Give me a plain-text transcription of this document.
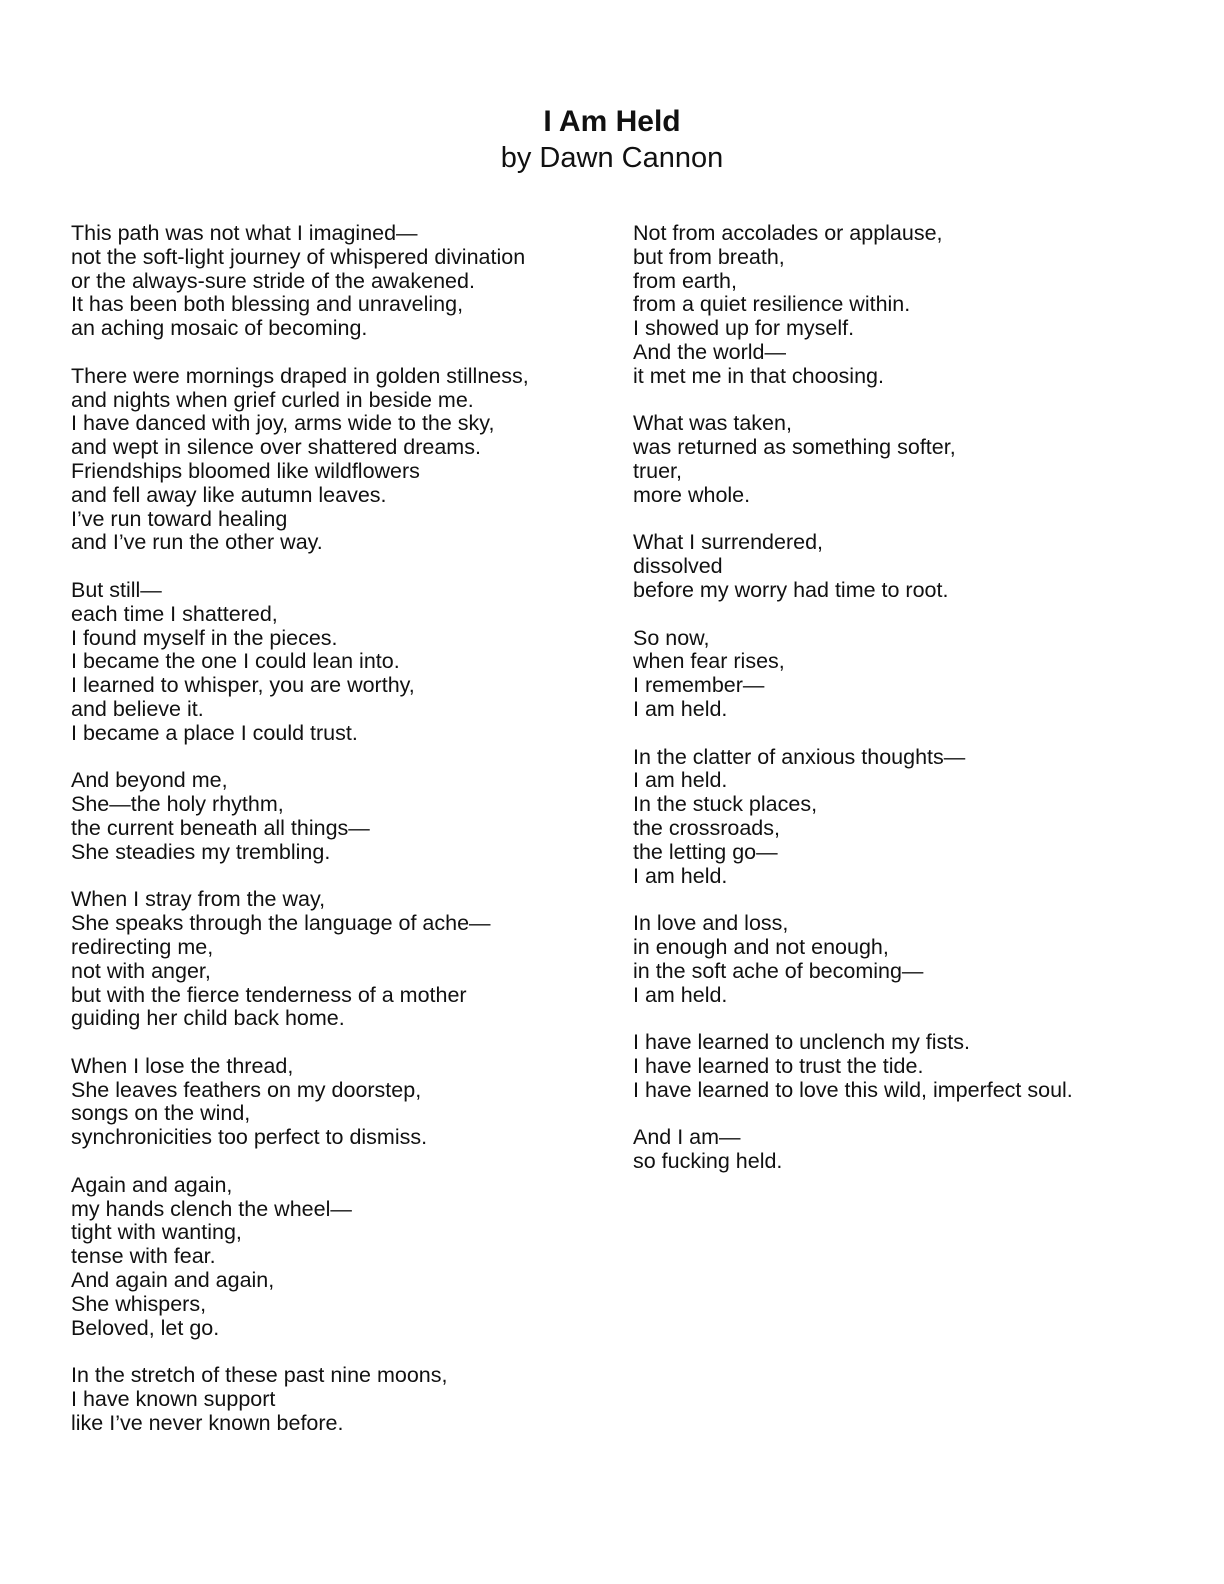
I Am Held

by Dawn Cannon

This path was not what I imagined—
not the soft-light journey of whispered divination
or the always-sure stride of the awakened.
It has been both blessing and unraveling,
an aching mosaic of becoming.
There were mornings draped in golden stillness,
and nights when grief curled in beside me.
I have danced with joy, arms wide to the sky,
and wept in silence over shattered dreams.
Friendships bloomed like wildflowers
and fell away like autumn leaves.
I’ve run toward healing
and I’ve run the other way.
But still—
each time I shattered,
I found myself in the pieces.
I became the one I could lean into.
I learned to whisper, you are worthy,
and believe it.
I became a place I could trust.
And beyond me,
She—the holy rhythm,
the current beneath all things—
She steadies my trembling.
When I stray from the way,
She speaks through the language of ache—
redirecting me,
not with anger,
but with the fierce tenderness of a mother
guiding her child back home.
When I lose the thread,
She leaves feathers on my doorstep,
songs on the wind,
synchronicities too perfect to dismiss.
Again and again,
my hands clench the wheel—
tight with wanting,
tense with fear.
And again and again,
She whispers,
Beloved, let go.
In the stretch of these past nine moons,
I have known support
like I’ve never known before.
Not from accolades or applause,
but from breath,
from earth,
from a quiet resilience within.
I showed up for myself.
And the world—
it met me in that choosing.
What was taken,
was returned as something softer,
truer,
more whole.
What I surrendered,
dissolved
before my worry had time to root.
So now,
when fear rises,
I remember—
I am held.
In the clatter of anxious thoughts—
I am held.
In the stuck places,
the crossroads,
the letting go—
I am held.
In love and loss,
in enough and not enough,
in the soft ache of becoming—
I am held.
I have learned to unclench my fists.
I have learned to trust the tide.
I have learned to love this wild, imperfect soul.
And I am—
so fucking held.
